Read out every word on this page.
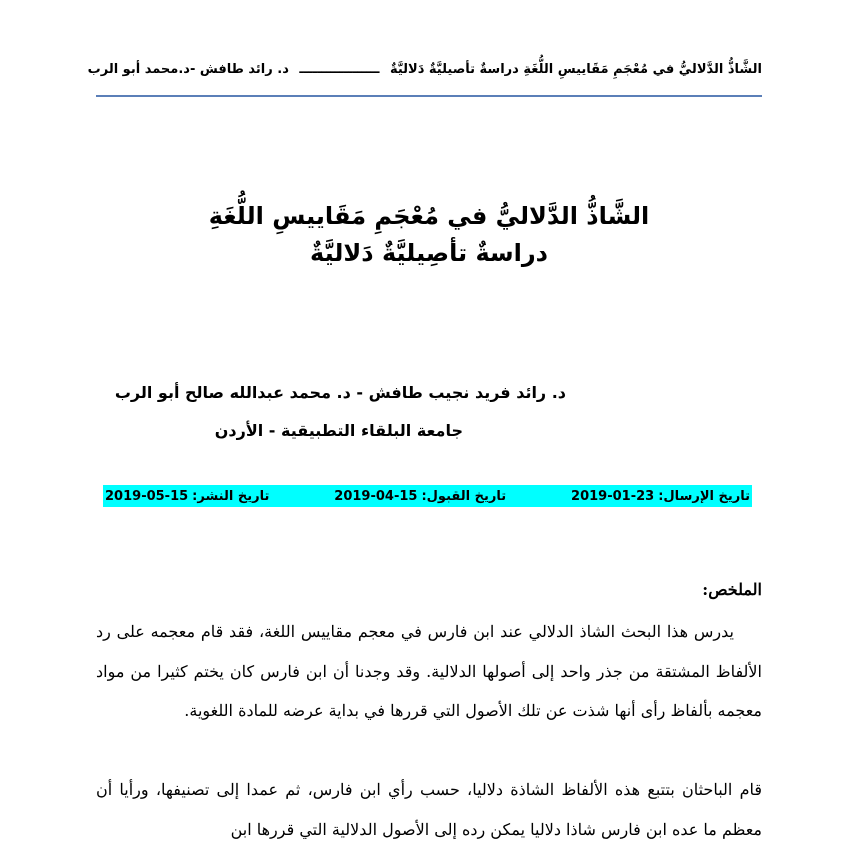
الشَّاذُّ الدَّلاليُّ في مُعْجَمِ مَقَاييسِ اللُّغَةِ دراسةٌ تأصيليَّةٌ دَلاليَّةٌ ــــــــــــــــــ د. رائد طافش -د.محمد أبو الرب
الشَّاذُّ الدَّلاليُّ في مُعْجَمِ مَقَاييسِ اللُّغَةِ
دراسةٌ تأصِيليَّةٌ دَلاليَّةٌ
د. رائد فريد نجيب طافش - د. محمد عبدالله صالح أبو الرب
جامعة البلقاء التطبيقية - الأردن
تاريخ الإرسال:
2019-01-23
تاريخ القبول:
2019-04-15
تاريخ النشر:
2019-05-15
الملخص:
يدرس هذا البحث الشاذ الدلالي عند ابن فارس في معجم مقاييس اللغة، فقد قام معجمه على رد الألفاظ المشتقة من جذر واحد إلى أصولها الدلالية. وقد وجدنا أن ابن فارس كان يختم كثيرا من مواد معجمه بألفاظ رأى أنها شذت عن تلك الأصول التي قررها في بداية عرضه للمادة اللغوية.
قام الباحثان بتتبع هذه الألفاظ الشاذة دلاليا، حسب رأي ابن فارس، ثم عمدا إلى تصنيفها، ورأيا أن معظم ما عده ابن فارس شاذا دلاليا يمكن رده إلى الأصول الدلالية التي قررها ابن
